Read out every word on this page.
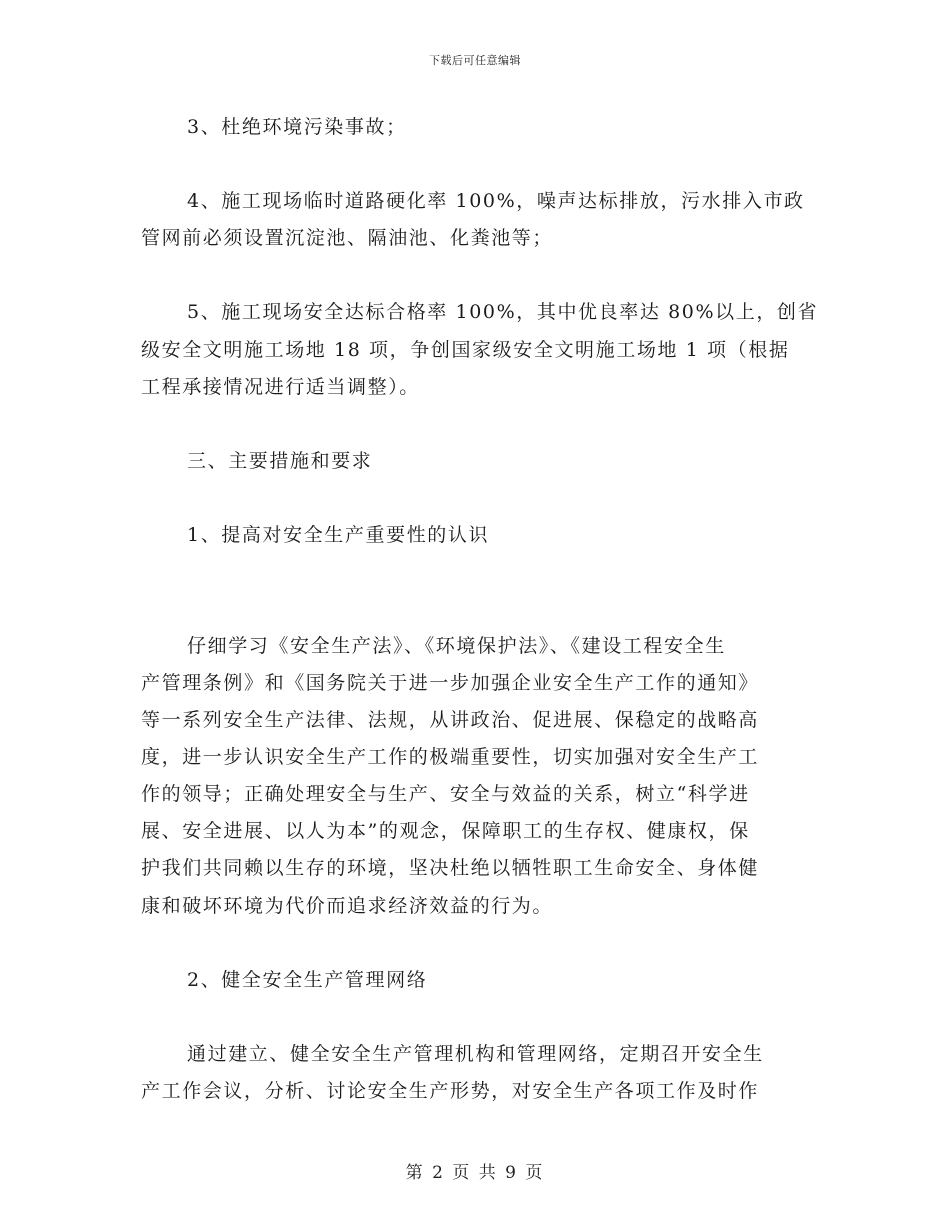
下载后可任意编辑
3、杜绝环境污染事故；
4、施工现场临时道路硬化率 100%，噪声达标排放，污水排入市政
管网前必须设置沉淀池、隔油池、化粪池等；
5、施工现场安全达标合格率 100%，其中优良率达 80%以上，创省
级安全文明施工场地 18 项，争创国家级安全文明施工场地 1 项（根据
工程承接情况进行适当调整）。
三、主要措施和要求
1、提高对安全生产重要性的认识
仔细学习《安全生产法》、《环境保护法》、《建设工程安全生
产管理条例》和《国务院关于进一步加强企业安全生产工作的通知》
等一系列安全生产法律、法规，从讲政治、促进展、保稳定的战略高
度，进一步认识安全生产工作的极端重要性，切实加强对安全生产工
作的领导；正确处理安全与生产、安全与效益的关系，树立“科学进
展、安全进展、以人为本”的观念，保障职工的生存权、健康权，保
护我们共同赖以生存的环境，坚决杜绝以牺牲职工生命安全、身体健
康和破坏环境为代价而追求经济效益的行为。
2、健全安全生产管理网络
通过建立、健全安全生产管理机构和管理网络，定期召开安全生
产工作会议，分析、讨论安全生产形势，对安全生产各项工作及时作
第 2 页 共 9 页
